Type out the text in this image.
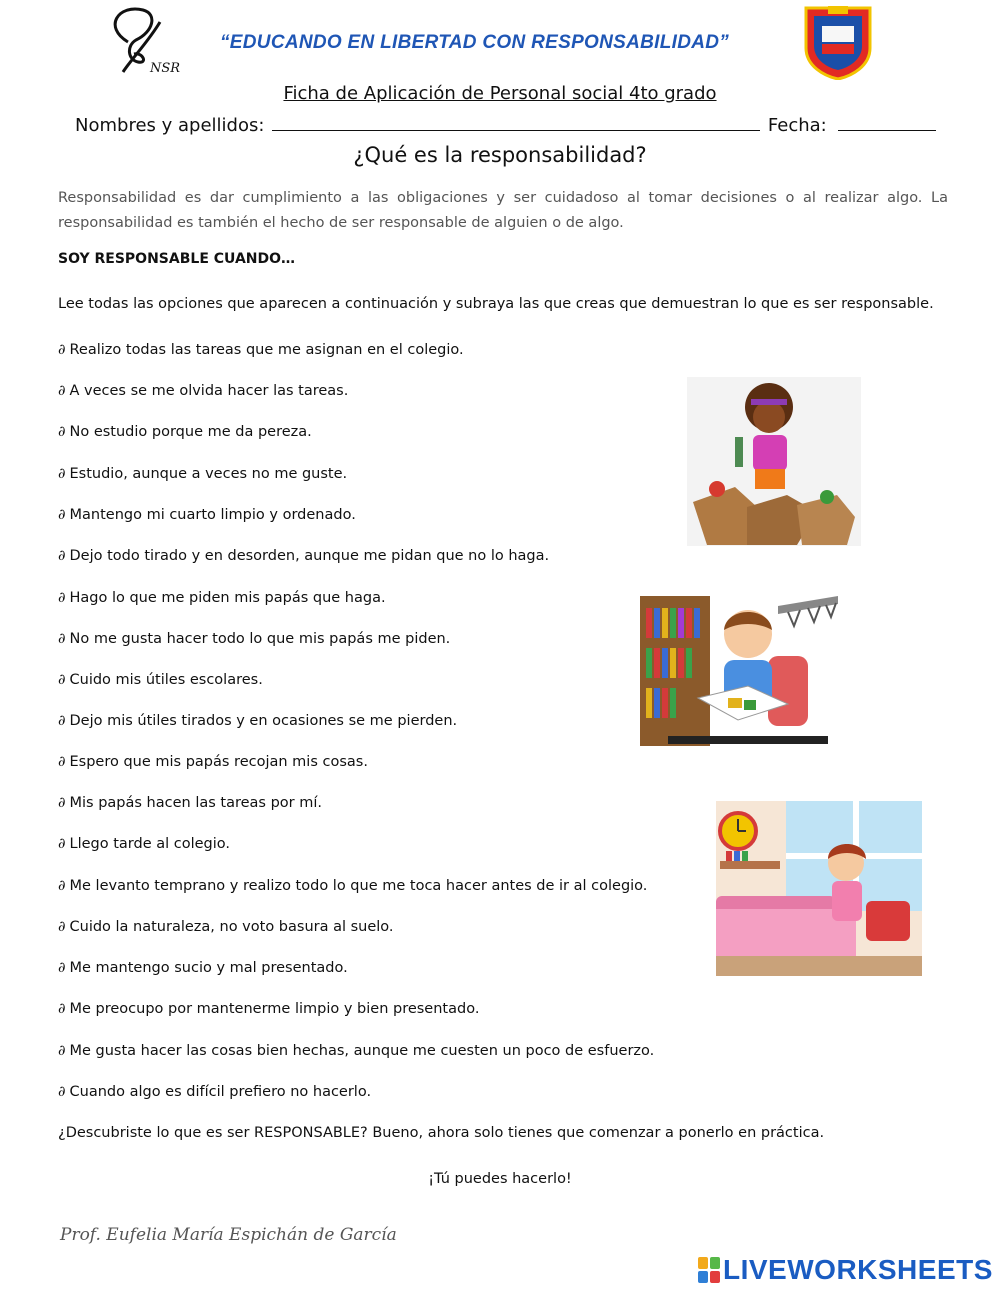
NSR
“EDUCANDO EN LIBERTAD CON RESPONSABILIDAD”
Ficha de Aplicación de Personal social 4to grado
Nombres y apellidos:	Fecha:
¿Qué es la responsabilidad?
Responsabilidad es dar cumplimiento a las obligaciones y ser cuidadoso al tomar decisiones o al realizar algo. La responsabilidad es también el hecho de ser responsable de alguien o de algo.
SOY RESPONSABLE CUANDO…
Lee todas las opciones que aparecen a continuación y subraya las que creas que demuestran lo que es ser responsable.
∂ Realizo todas las tareas que me asignan en el colegio.
∂ A veces se me olvida hacer las tareas.
∂ No estudio porque me da pereza.
∂ Estudio, aunque a veces no me guste.
∂ Mantengo mi cuarto limpio y ordenado.
∂ Dejo todo tirado y en desorden, aunque me pidan que no lo haga.
∂ Hago lo que me piden mis papás que haga.
∂ No me gusta hacer todo lo que mis papás me piden.
∂ Cuido mis útiles escolares.
∂ Dejo mis útiles tirados y en ocasiones se me pierden.
∂ Espero que mis papás recojan mis cosas.
∂ Mis papás hacen las tareas por mí.
∂ Llego tarde al colegio.
∂ Me levanto temprano y realizo todo lo que me toca hacer antes de ir al colegio.
∂ Cuido la naturaleza, no voto basura al suelo.
∂ Me mantengo sucio y mal presentado.
∂ Me preocupo por mantenerme limpio y bien presentado.
∂ Me gusta hacer las cosas bien hechas, aunque me cuesten un poco de esfuerzo.
∂ Cuando algo es difícil prefiero no hacerlo.
¿Descubriste lo que es ser RESPONSABLE? Bueno, ahora solo tienes que comenzar a ponerlo en práctica.
¡Tú puedes hacerlo!
Prof. Eufelia María Espichán de García
LIVEWORKSHEETS
